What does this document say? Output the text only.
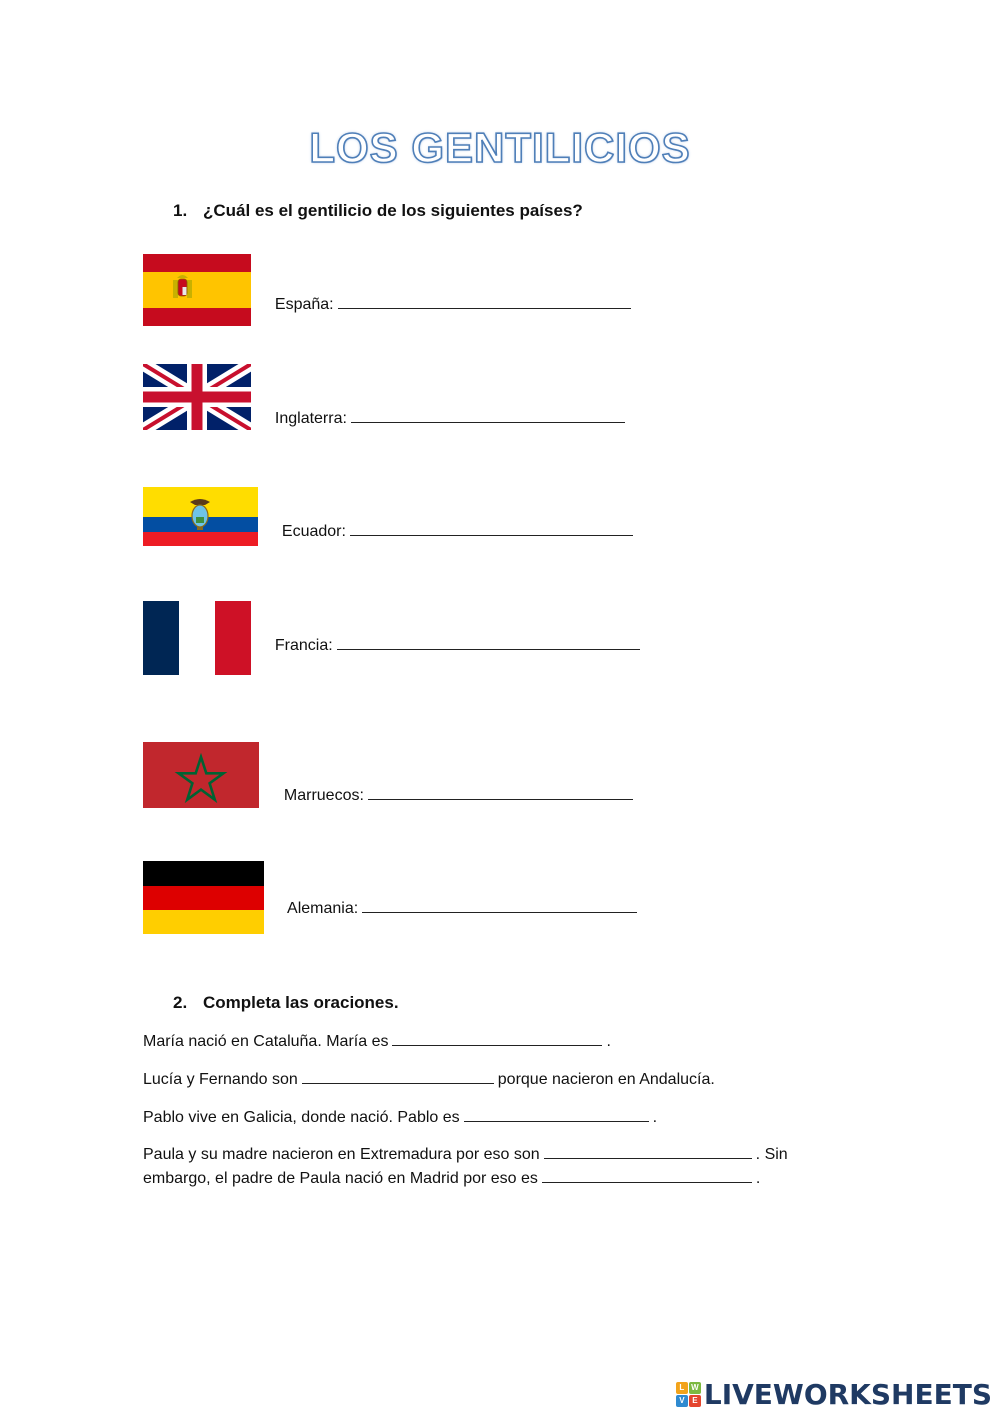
LOS GENTILICIOS
1. ¿Cuál es el gentilicio de los siguientes países?

España:

Inglaterra:

Ecuador:

Francia:

Marruecos:

Alemania:

2. Completa las oraciones.
María nació en Cataluña. María es	.
Lucía y Fernando son	porque nacieron en Andalucía.
Pablo vive en Galicia, donde nació. Pablo es	.
Paula y su madre nacieron en Extremadura por eso son	. Sin
embargo, el padre de Paula nació en Madrid por eso es	.
L W
V E LIVEWORKSHEETS
